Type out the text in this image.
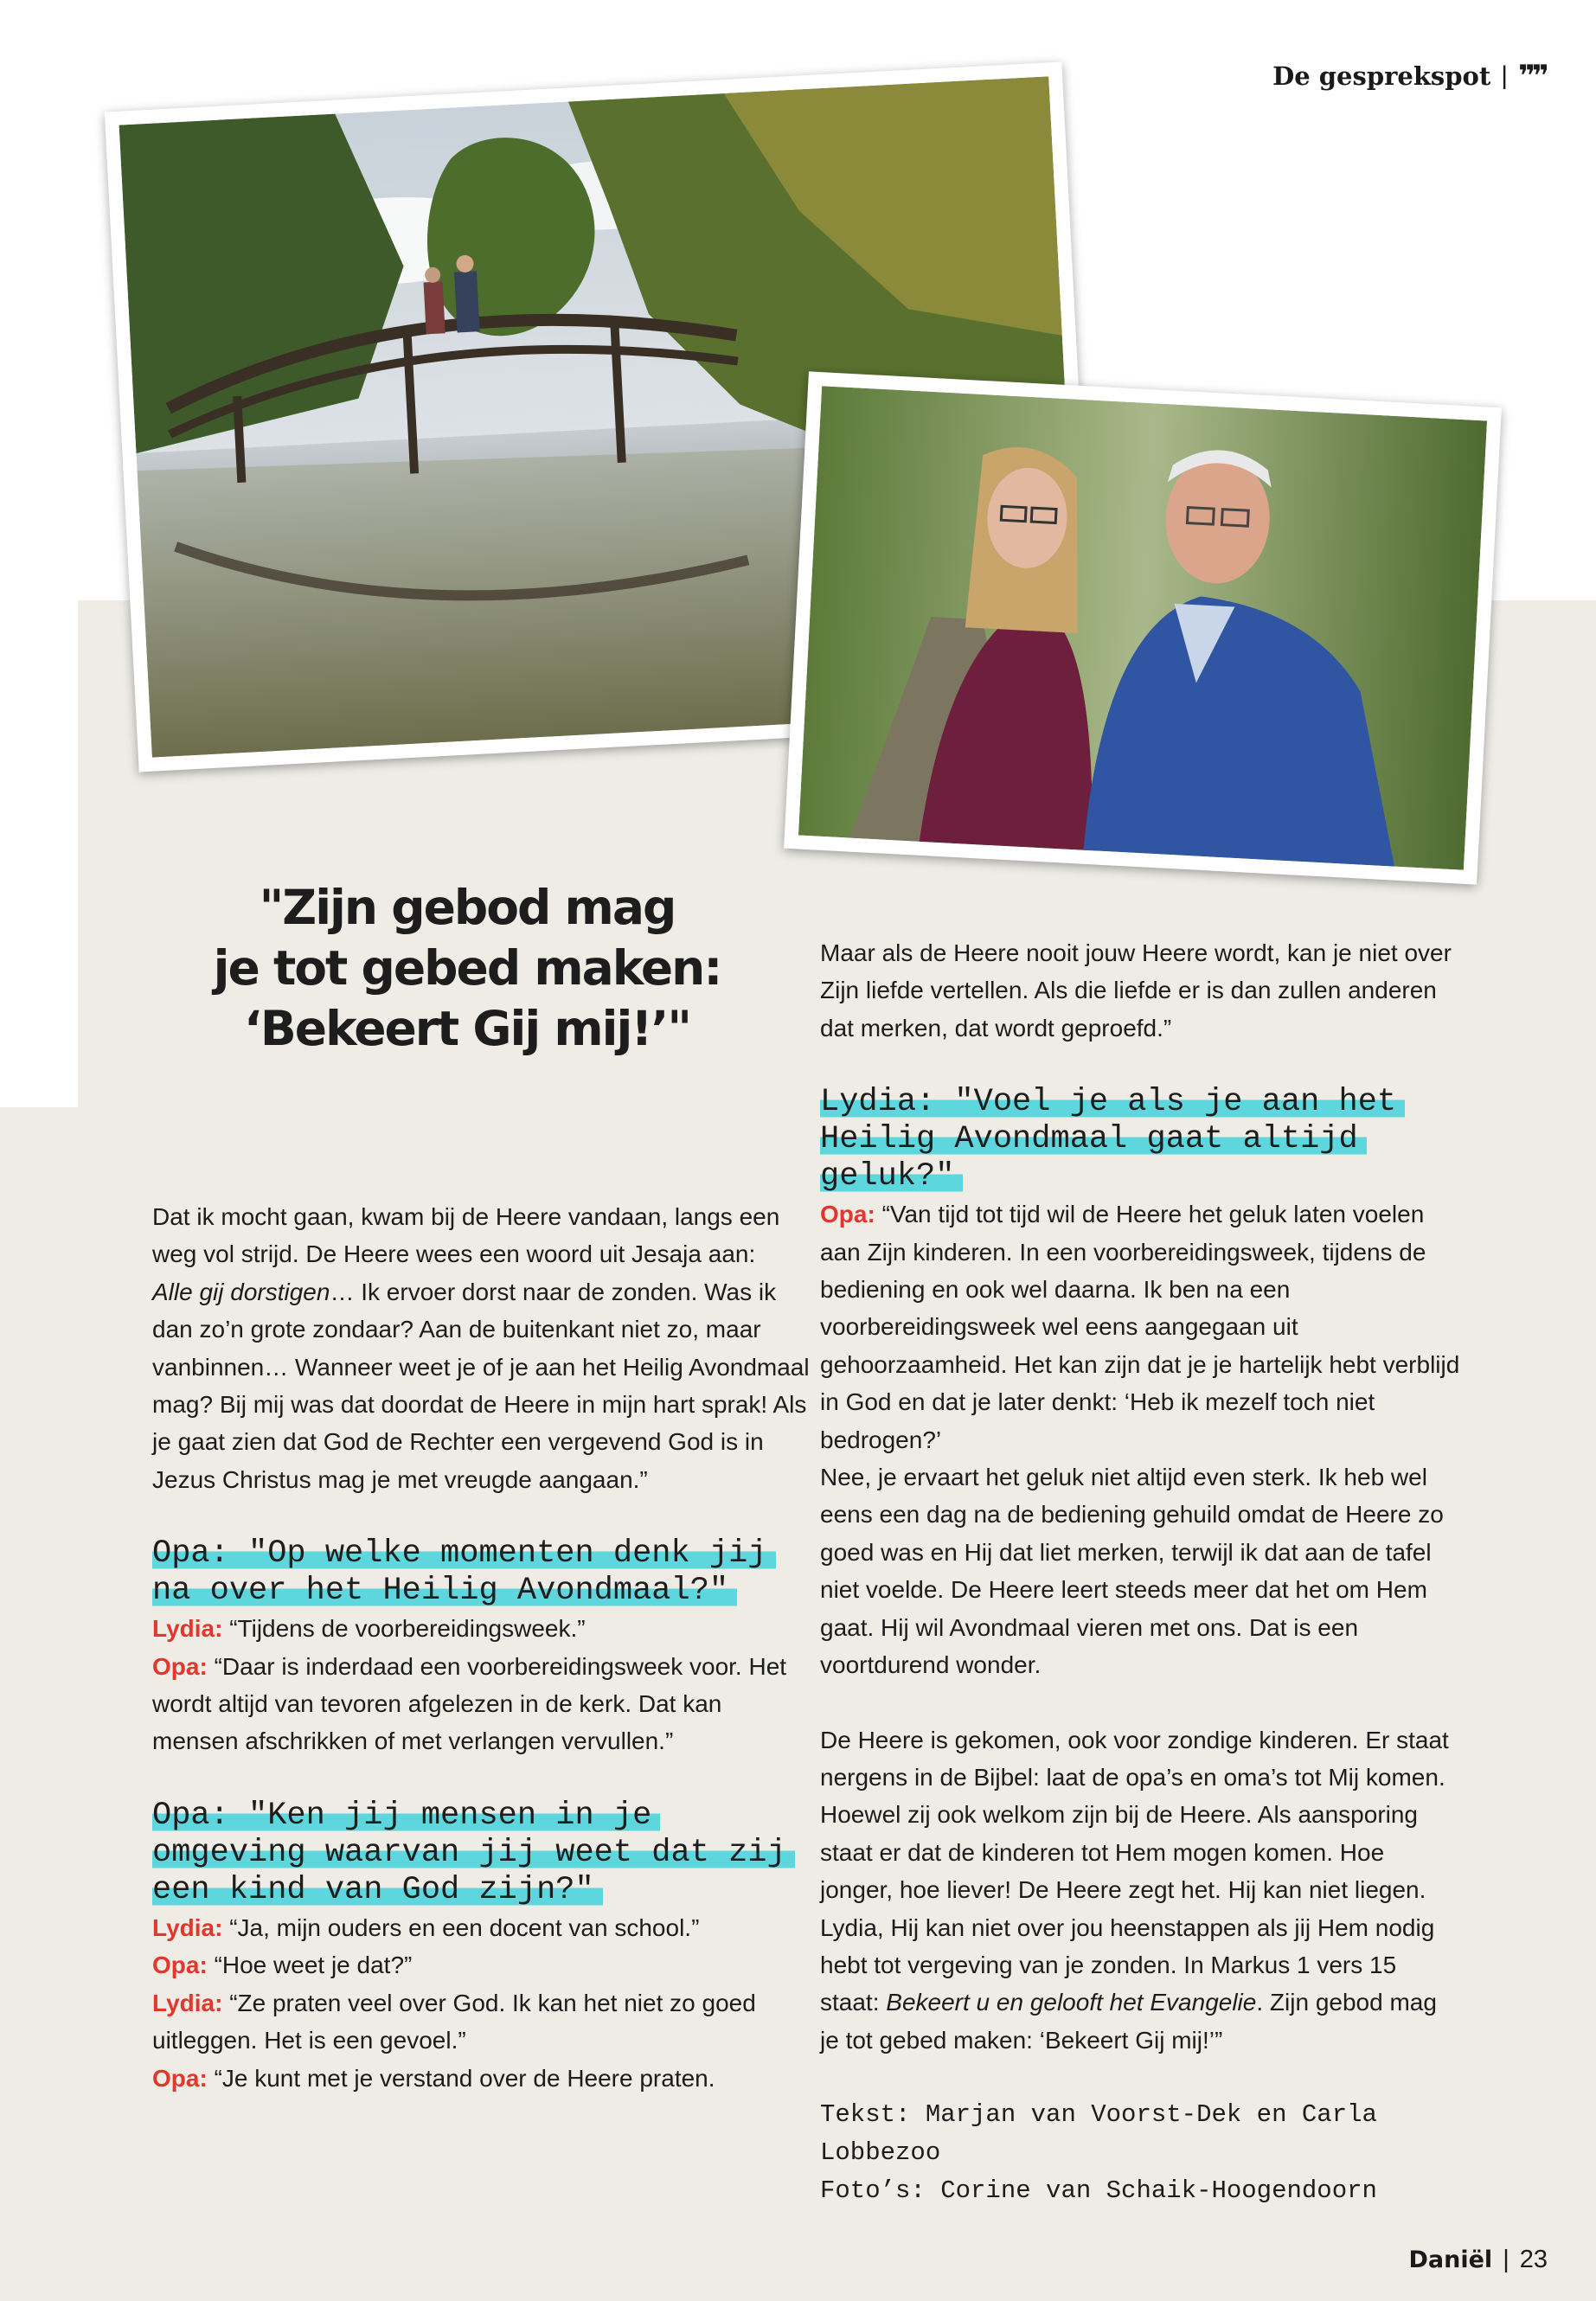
De gesprekspot | ❞❞
"Zijn gebod mag
je tot gebed maken:
‘Bekeert Gij mij!’"

Dat ik mocht gaan, kwam bij de Heere vandaan, langs een weg vol strijd. De Heere wees een woord uit Jesaja aan:
Alle gij dorstigen… Ik ervoer dorst naar de zonden. Was ik dan zo’n grote zondaar? Aan de buitenkant niet zo, maar vanbinnen… Wanneer weet je of je aan het Heilig Avondmaal mag? Bij mij was dat doordat de Heere in mijn hart sprak! Als je gaat zien dat God de Rechter een vergevend God is in Jezus Christus mag je met vreugde aangaan.”

Opa: "Op welke momenten denk jij
na over het Heilig Avondmaal?"

Lydia: “Tijdens de voorbereidingsweek.”

Opa: “Daar is inderdaad een voorbereidingsweek voor. Het wordt altijd van tevoren afgelezen in de kerk. Dat kan mensen afschrikken of met verlangen vervullen.”

Opa: "Ken jij mensen in je
omgeving waarvan jij weet dat zij
een kind van God zijn?"

Lydia: “Ja, mijn ouders en een docent van school.”

Opa: “Hoe weet je dat?”

Lydia: “Ze praten veel over God. Ik kan het niet zo goed uitleggen. Het is een gevoel.”

Opa: “Je kunt met je verstand over de Heere praten.

Maar als de Heere nooit jouw Heere wordt, kan je niet over Zijn liefde vertellen. Als die liefde er is dan zullen anderen dat merken, dat wordt geproefd.”

Lydia: "Voel je als je aan het
Heilig Avondmaal gaat altijd
geluk?"

Opa: “Van tijd tot tijd wil de Heere het geluk laten voelen aan Zijn kinderen. In een voorbereidingsweek, tijdens de bediening en ook wel daarna. Ik ben na een voorbereidingsweek wel eens aangegaan uit gehoorzaamheid. Het kan zijn dat je je hartelijk hebt verblijd in God en dat je later denkt: ‘Heb ik mezelf toch niet bedrogen?’

Nee, je ervaart het geluk niet altijd even sterk. Ik heb wel eens een dag na de bediening gehuild omdat de Heere zo goed was en Hij dat liet merken, terwijl ik dat aan de tafel niet voelde. De Heere leert steeds meer dat het om Hem gaat. Hij wil Avondmaal vieren met ons. Dat is een voortdurend wonder.

De Heere is gekomen, ook voor zondige kinderen. Er staat nergens in de Bijbel: laat de opa’s en oma’s tot Mij komen. Hoewel zij ook welkom zijn bij de Heere. Als aansporing staat er dat de kinderen tot Hem mogen komen. Hoe jonger, hoe liever! De Heere zegt het. Hij kan niet liegen. Lydia, Hij kan niet over jou heenstappen als jij Hem nodig hebt tot vergeving van je zonden. In Markus 1 vers 15 staat: Bekeert u en gelooft het Evangelie. Zijn gebod mag je tot gebed maken: ‘Bekeert Gij mij!’”

Tekst: Marjan van Voorst-Dek en Carla Lobbezoo
Foto’s: Corine van Schaik-Hoogendoorn
Daniël | 23
